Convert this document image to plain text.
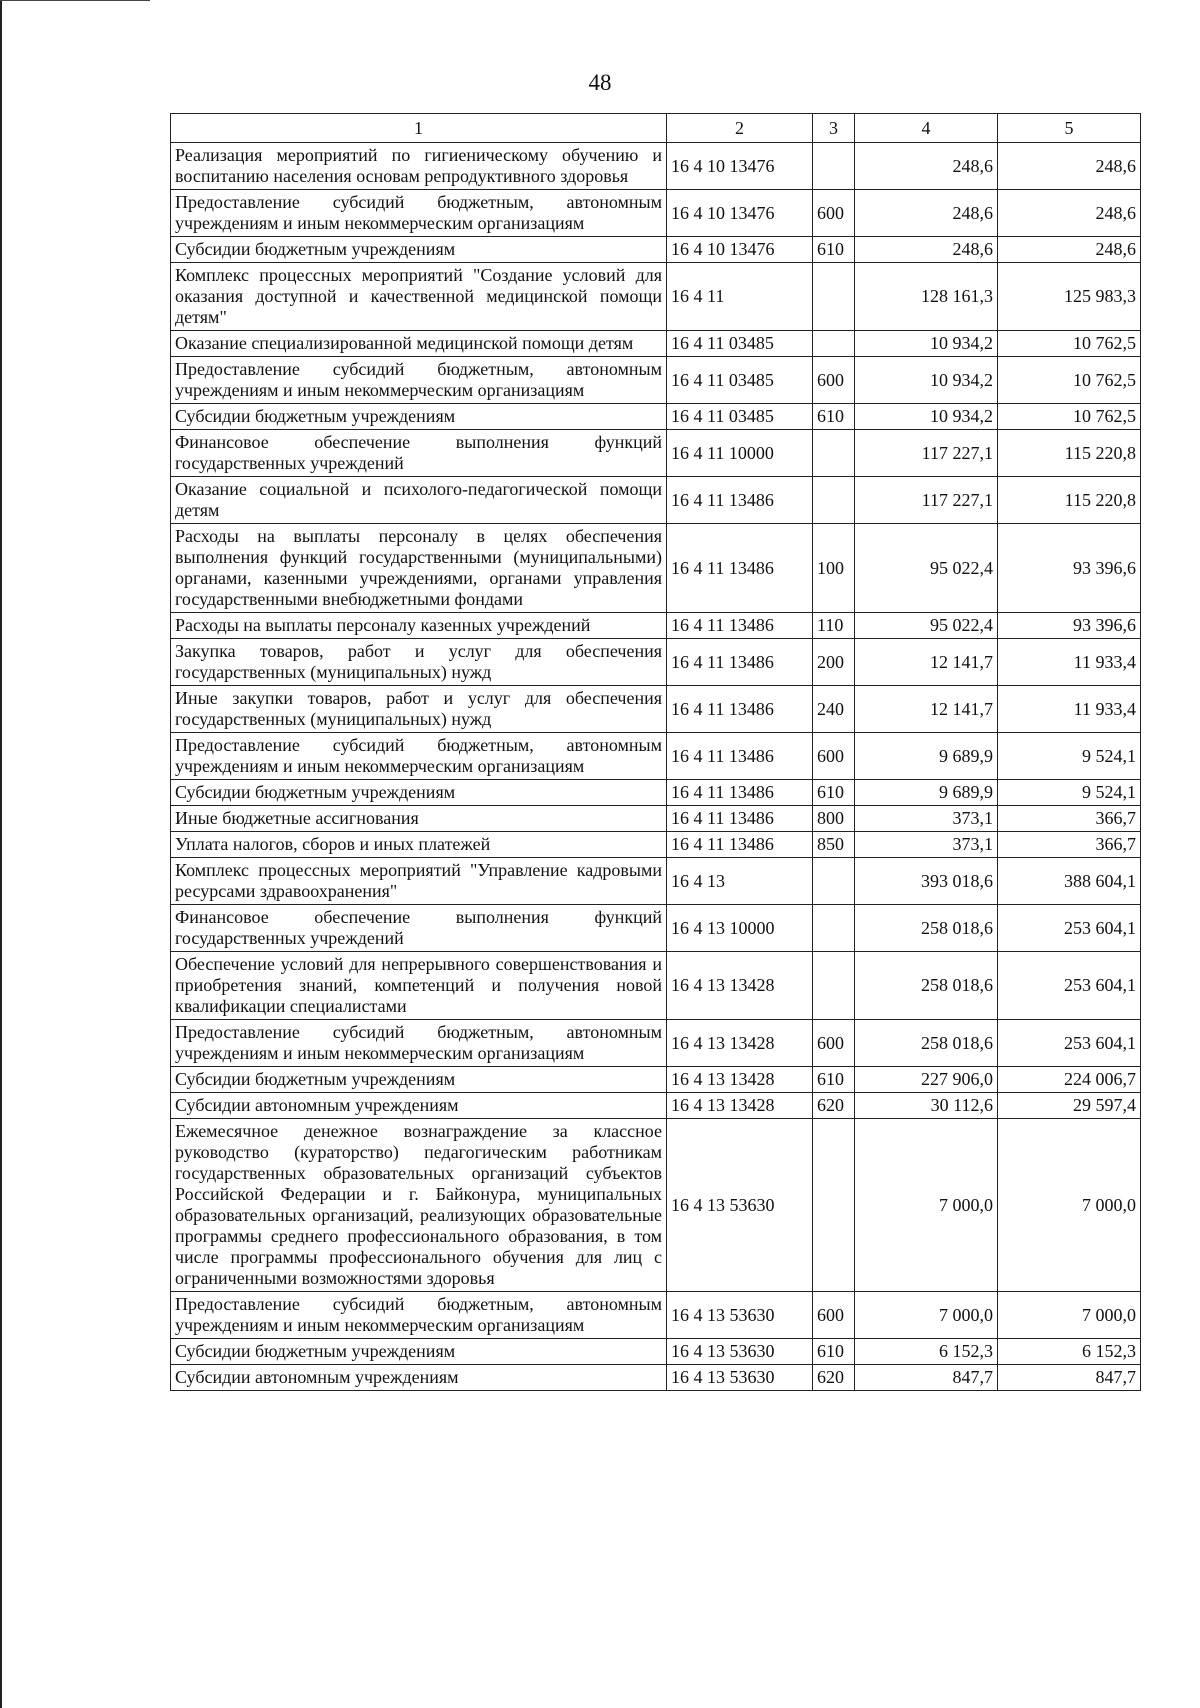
48
1	2	3	4	5
Реализация мероприятий по гигиеническому обучению и воспитанию населения основам репродуктивного здоровья	16 4 10 13476		248,6	248,6
Предоставление субсидий бюджетным, автономным учреждениям и иным некоммерческим организациям	16 4 10 13476	600	248,6	248,6
Субсидии бюджетным учреждениям	16 4 10 13476	610	248,6	248,6
Комплекс процессных мероприятий "Создание условий для оказания доступной и качественной медицинской помощи детям"	16 4 11		128 161,3	125 983,3
Оказание специализированной медицинской помощи детям	16 4 11 03485		10 934,2	10 762,5
Предоставление субсидий бюджетным, автономным учреждениям и иным некоммерческим организациям	16 4 11 03485	600	10 934,2	10 762,5
Субсидии бюджетным учреждениям	16 4 11 03485	610	10 934,2	10 762,5
Финансовое обеспечение выполнения функций государственных учреждений	16 4 11 10000		117 227,1	115 220,8
Оказание социальной и психолого-педагогической помощи детям	16 4 11 13486		117 227,1	115 220,8
Расходы на выплаты персоналу в целях обеспечения выполнения функций государственными (муниципальными) органами, казенными учреждениями, органами управления государственными внебюджетными фондами	16 4 11 13486	100	95 022,4	93 396,6
Расходы на выплаты персоналу казенных учреждений	16 4 11 13486	110	95 022,4	93 396,6
Закупка товаров, работ и услуг для обеспечения государственных (муниципальных) нужд	16 4 11 13486	200	12 141,7	11 933,4
Иные закупки товаров, работ и услуг для обеспечения государственных (муниципальных) нужд	16 4 11 13486	240	12 141,7	11 933,4
Предоставление субсидий бюджетным, автономным учреждениям и иным некоммерческим организациям	16 4 11 13486	600	9 689,9	9 524,1
Субсидии бюджетным учреждениям	16 4 11 13486	610	9 689,9	9 524,1
Иные бюджетные ассигнования	16 4 11 13486	800	373,1	366,7
Уплата налогов, сборов и иных платежей	16 4 11 13486	850	373,1	366,7
Комплекс процессных мероприятий "Управление кадровыми ресурсами здравоохранения"	16 4 13		393 018,6	388 604,1
Финансовое обеспечение выполнения функций государственных учреждений	16 4 13 10000		258 018,6	253 604,1
Обеспечение условий для непрерывного совершенствования и приобретения знаний, компетенций и получения новой квалификации специалистами	16 4 13 13428		258 018,6	253 604,1
Предоставление субсидий бюджетным, автономным учреждениям и иным некоммерческим организациям	16 4 13 13428	600	258 018,6	253 604,1
Субсидии бюджетным учреждениям	16 4 13 13428	610	227 906,0	224 006,7
Субсидии автономным учреждениям	16 4 13 13428	620	30 112,6	29 597,4
Ежемесячное денежное вознаграждение за классное руководство (кураторство) педагогическим работникам государственных образовательных организаций субъектов Российской Федерации и г. Байконура, муниципальных образовательных организаций, реализующих образовательные программы среднего профессионального образования, в том числе программы профессионального обучения для лиц с ограниченными возможностями здоровья	16 4 13 53630		7 000,0	7 000,0
Предоставление субсидий бюджетным, автономным учреждениям и иным некоммерческим организациям	16 4 13 53630	600	7 000,0	7 000,0
Субсидии бюджетным учреждениям	16 4 13 53630	610	6 152,3	6 152,3
Субсидии автономным учреждениям	16 4 13 53630	620	847,7	847,7
